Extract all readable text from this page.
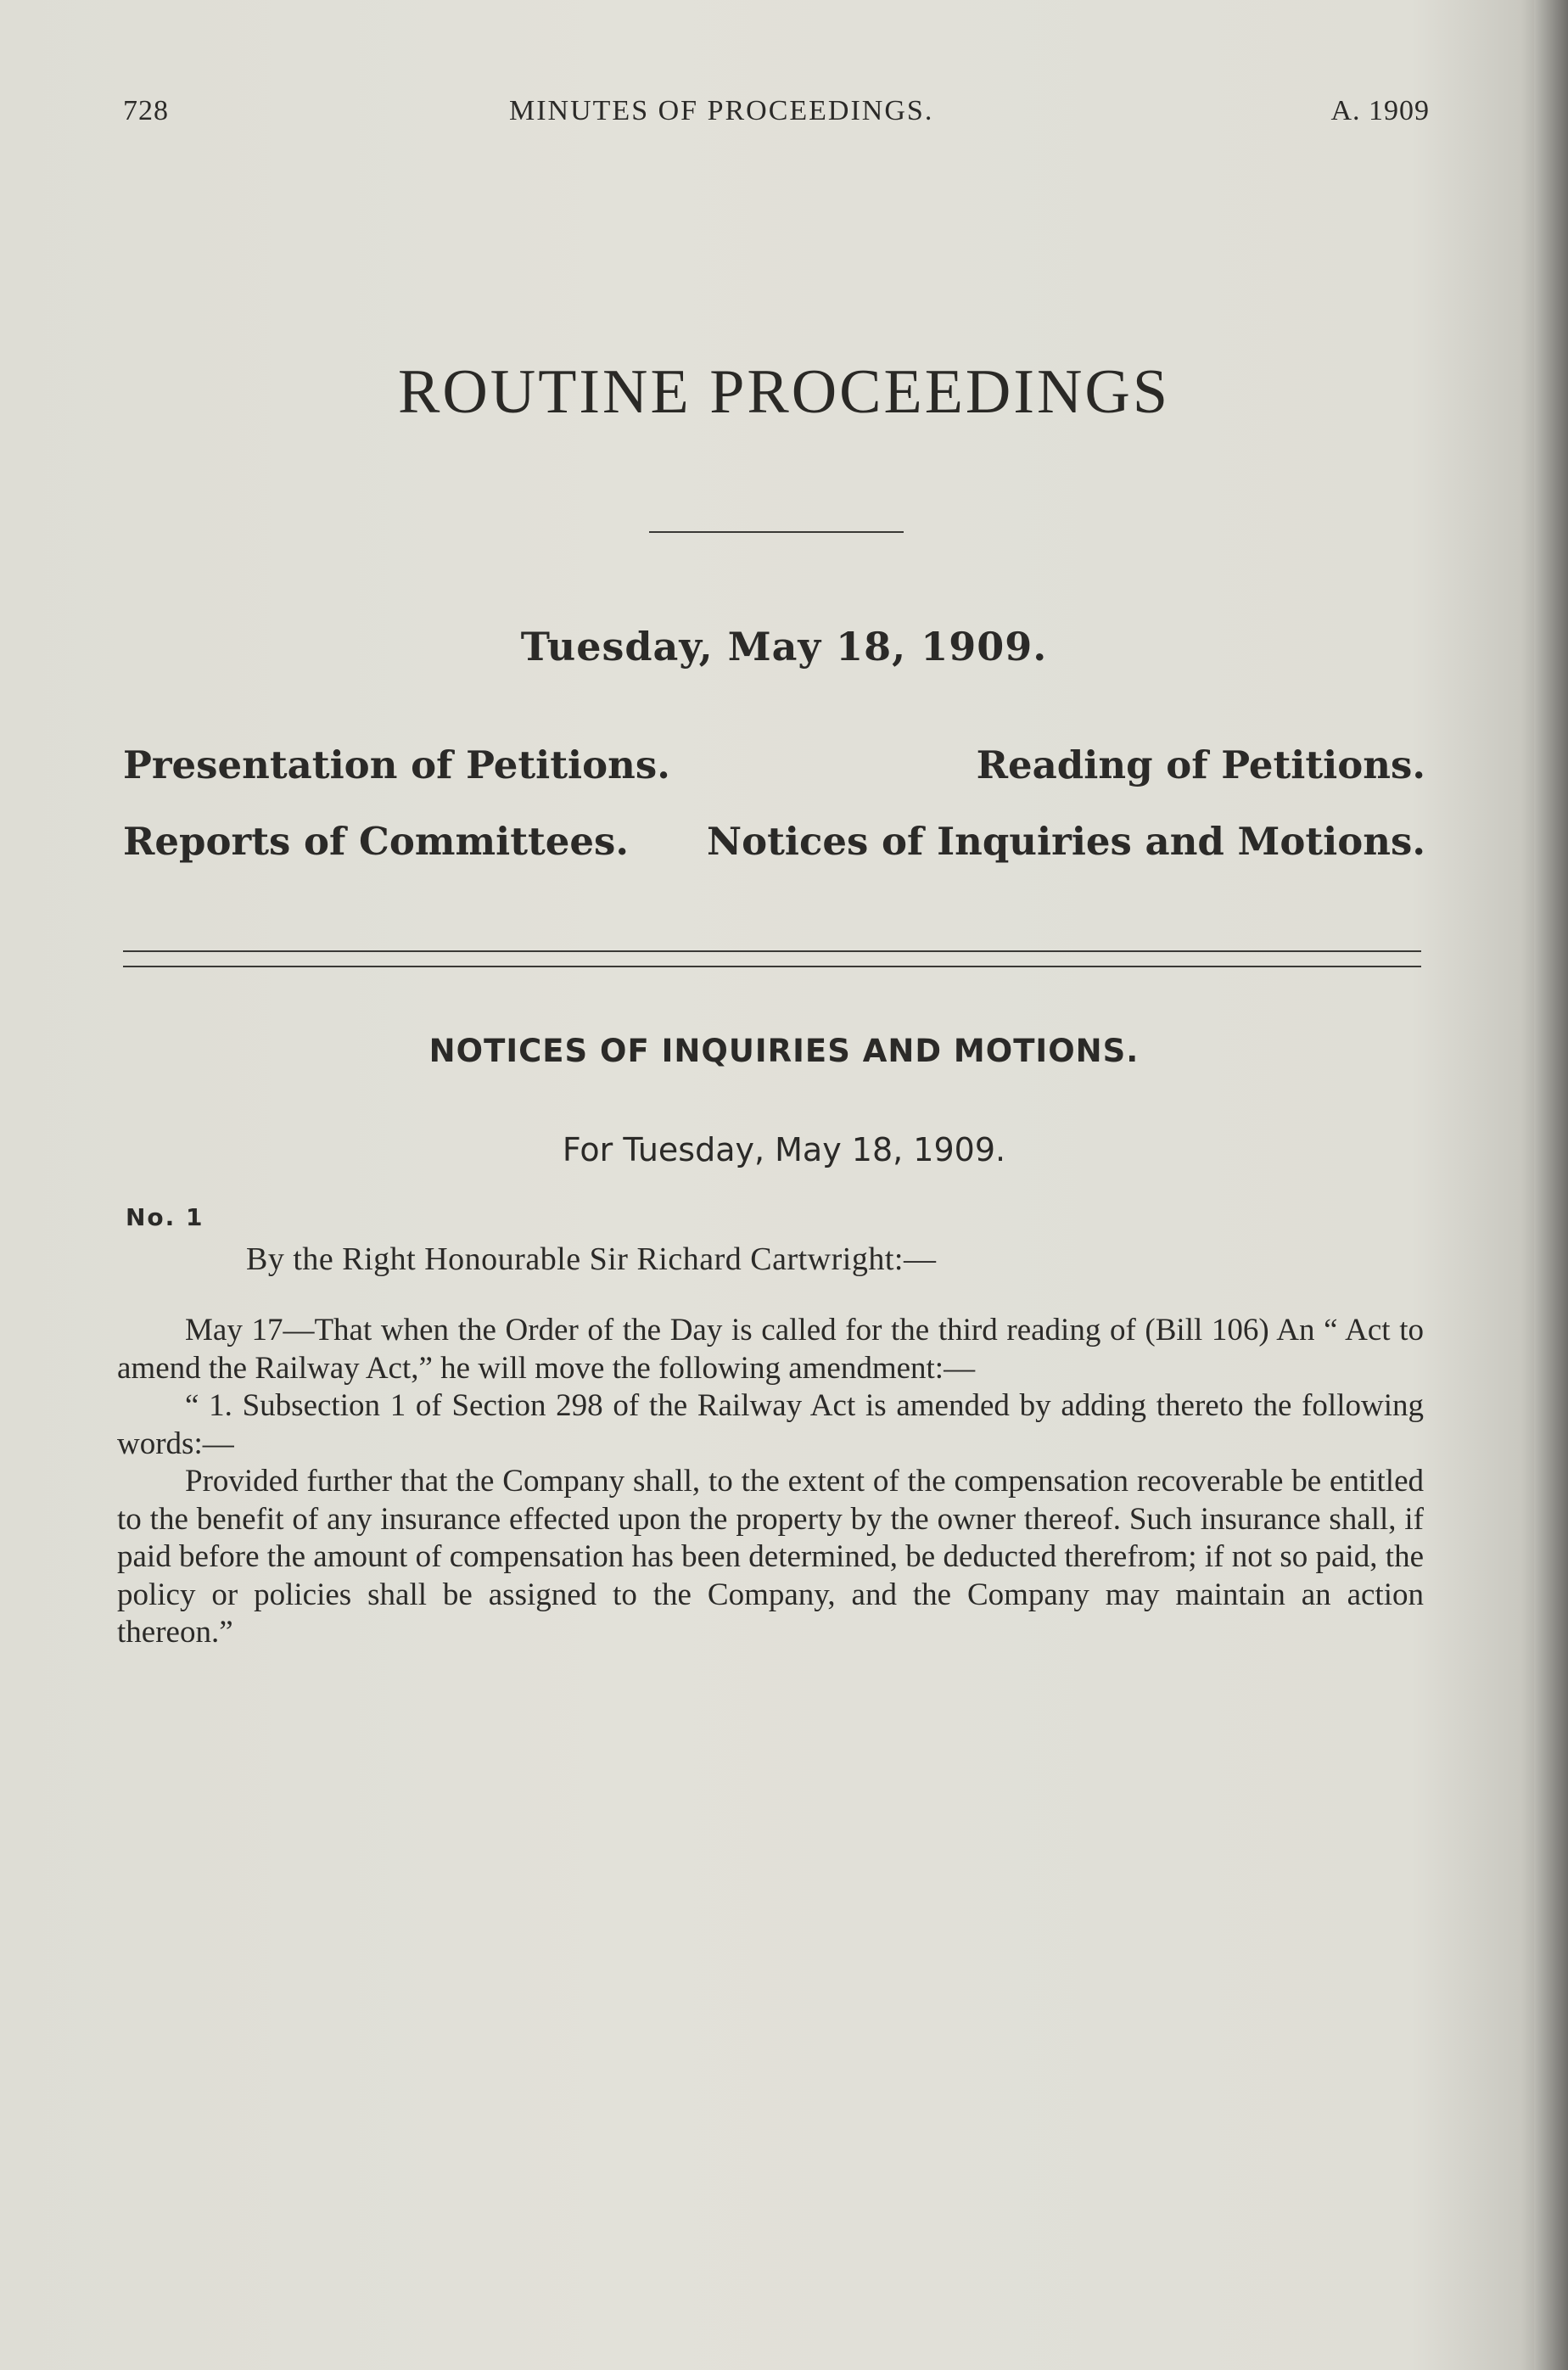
728	MINUTES OF PROCEEDINGS.	A. 1909
ROUTINE PROCEEDINGS
Tuesday, May 18, 1909.
Presentation of Petitions.	Reading of Petitions.
Reports of Committees. Notices of Inquiries and Motions.
NOTICES OF INQUIRIES AND MOTIONS.
For Tuesday, May 18, 1909.
No. 1
By the Right Honourable Sir Richard Cartwright:—

May 17—That when the Order of the Day is called for the third reading of (Bill 106) An “ Act to amend the Railway Act,” he will move the following amendment:—

“ 1. Subsection 1 of Section 298 of the Railway Act is amended by adding thereto the following words:—

Provided further that the Company shall, to the extent of the compensation recoverable be entitled to the benefit of any insurance effected upon the property by the owner thereof. Such insurance shall, if paid before the amount of compensation has been determined, be deducted therefrom; if not so paid, the policy or policies shall be assigned to the Company, and the Company may maintain an action thereon.”
